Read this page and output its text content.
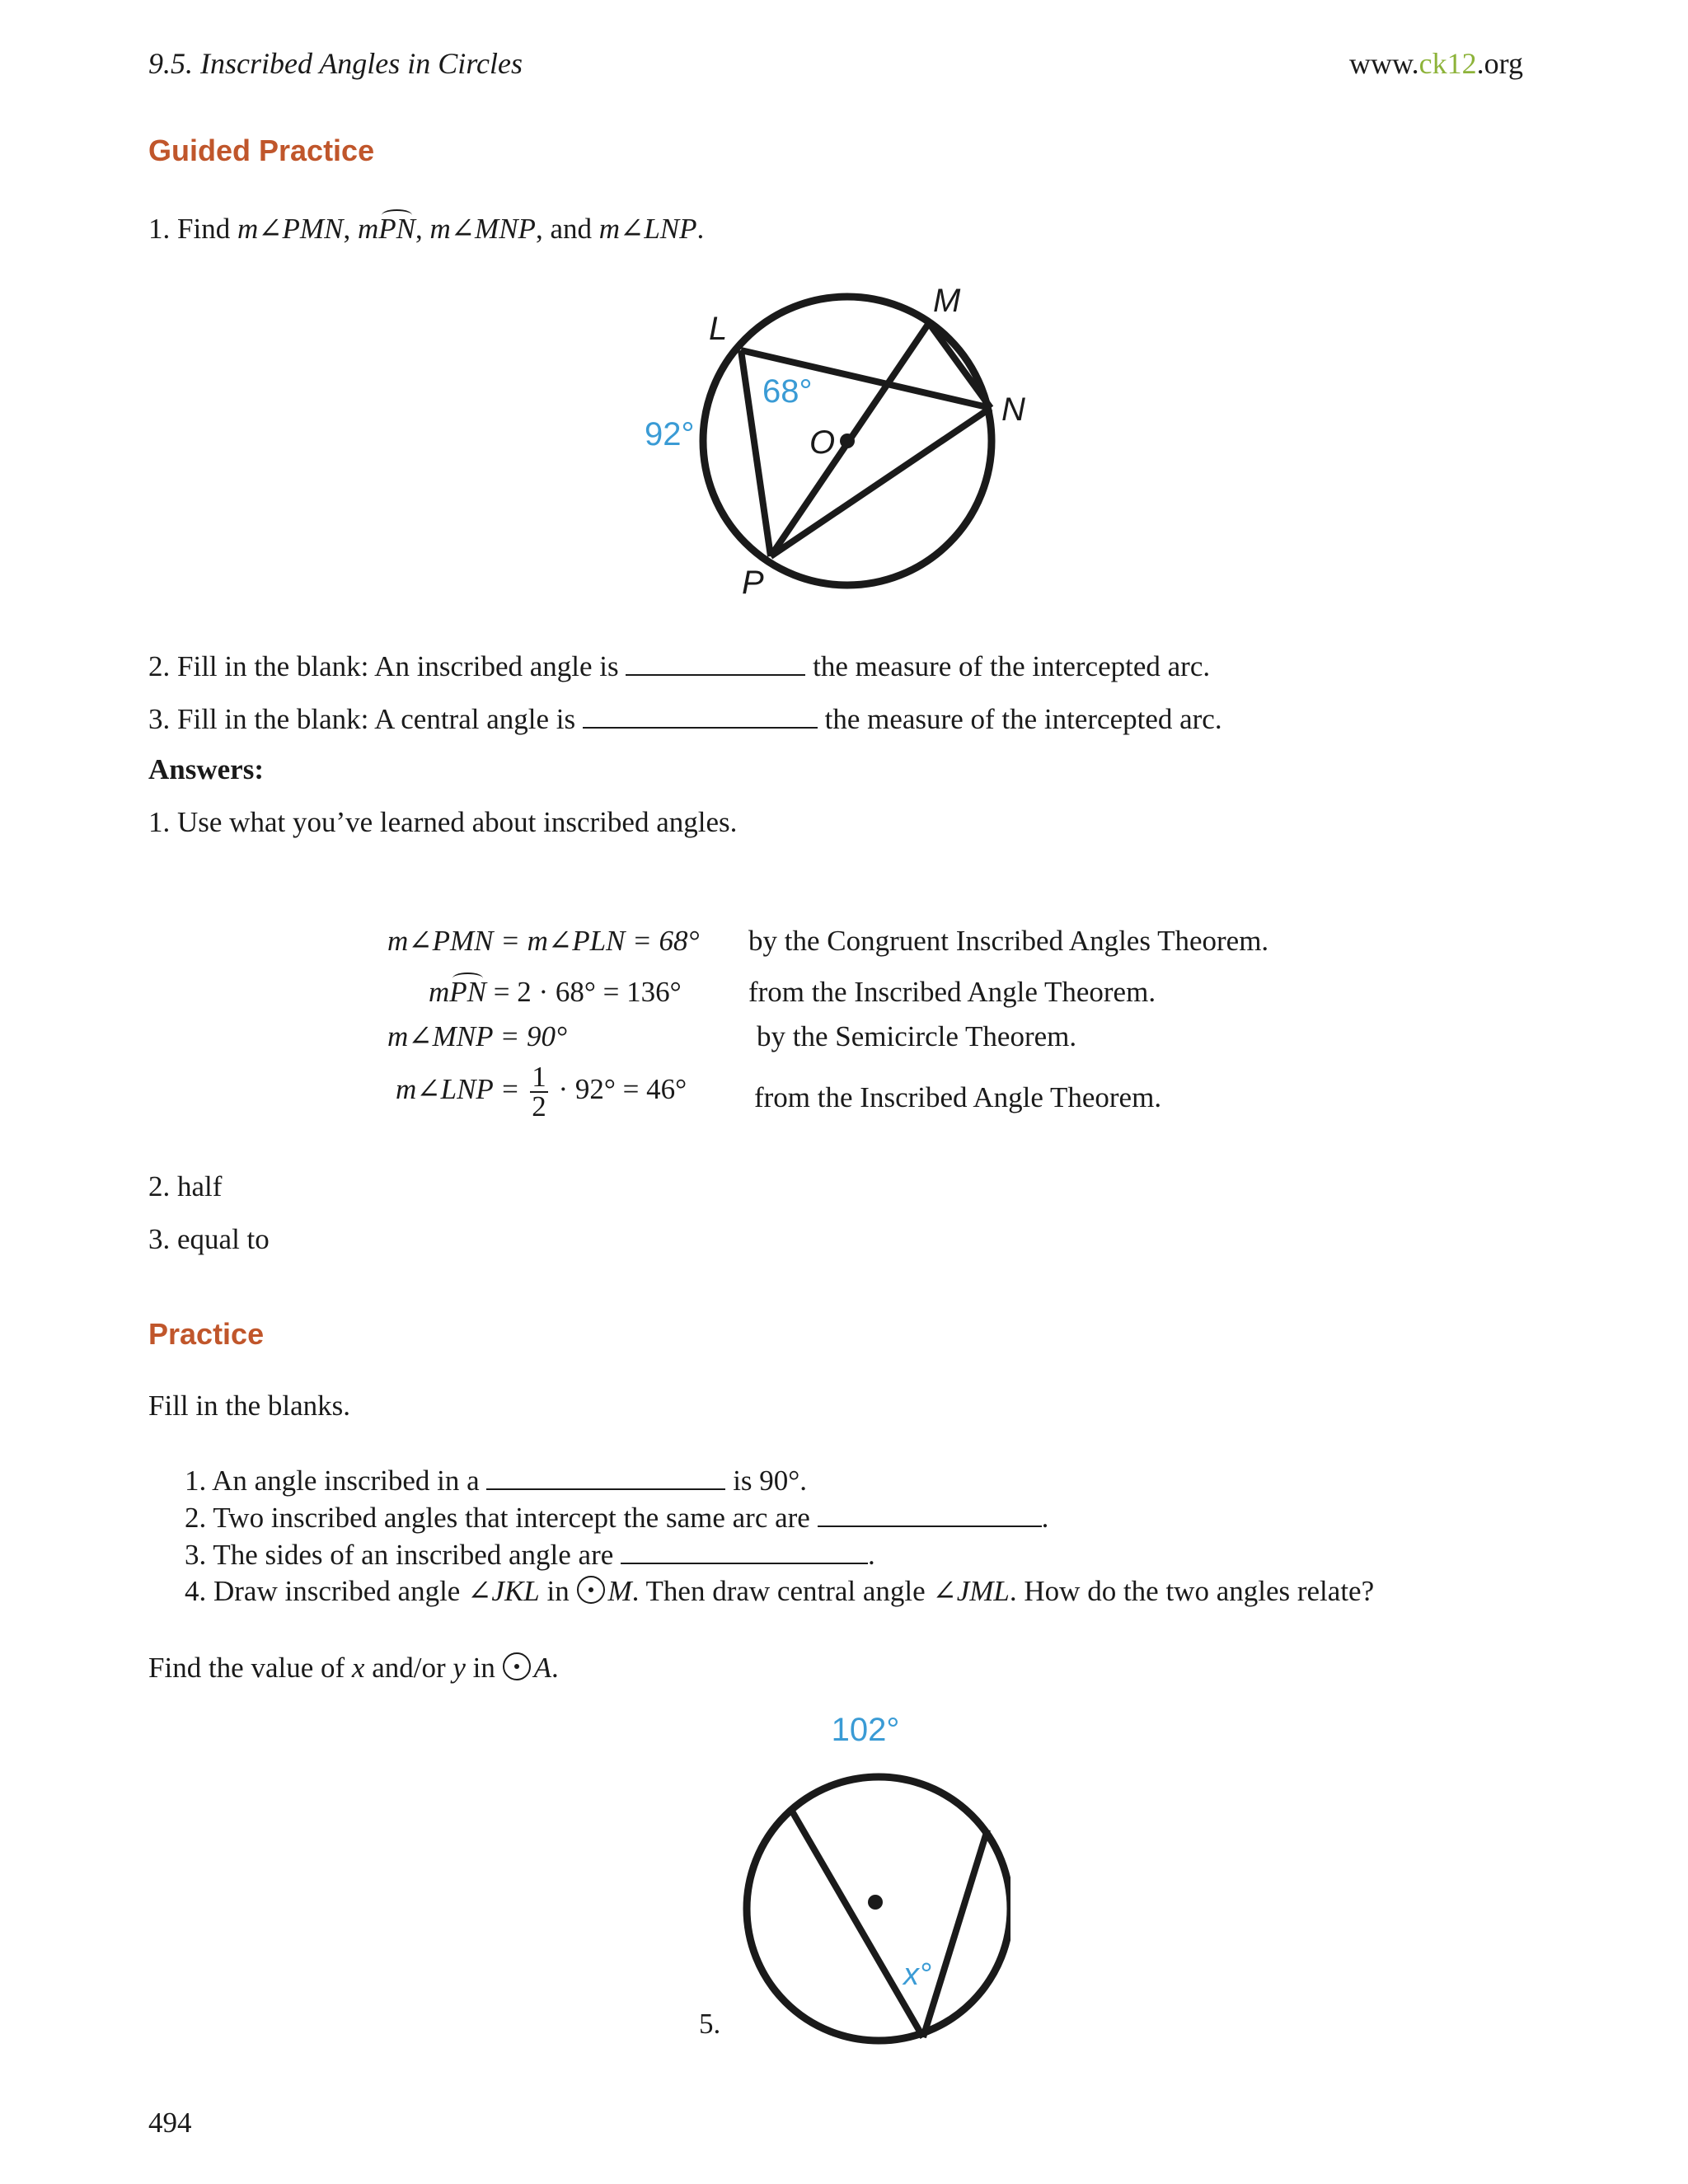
9.5. Inscribed Angles in Circles	www.ck12.org
Guided Practice
1. Find m∠PMN, mPN, m∠MNP, and m∠LNP.
L
M
N
O
P
68°
92°
2. Fill in the blank: An inscribed angle is	the measure of the intercepted arc.
3. Fill in the blank: A central angle is	the measure of the intercepted arc.
Answers:
1. Use what you’ve learned about inscribed angles.
m∠PMN = m∠PLN = 68° by the Congruent Inscribed Angles Theorem.
mPN = 2 · 68° = 136° from the Inscribed Angle Theorem.
m∠MNP = 90°	by the Semicircle Theorem.
m∠LNP = $\frac{1}{2} \cdot 92^\circ = 46^\circ$ from the Inscribed Angle Theorem.
2. half
3. equal to
Practice
Fill in the blanks.
1. An angle inscribed in a	is 90°.
2. Two inscribed angles that intercept the same arc are	.
3. The sides of an inscribed angle are	.
4. Draw inscribed angle ∠JKL in M. Then draw central angle ∠JML. How do the two angles relate?
Find the value of x and/or y in A.
102°
x°
5.
494
